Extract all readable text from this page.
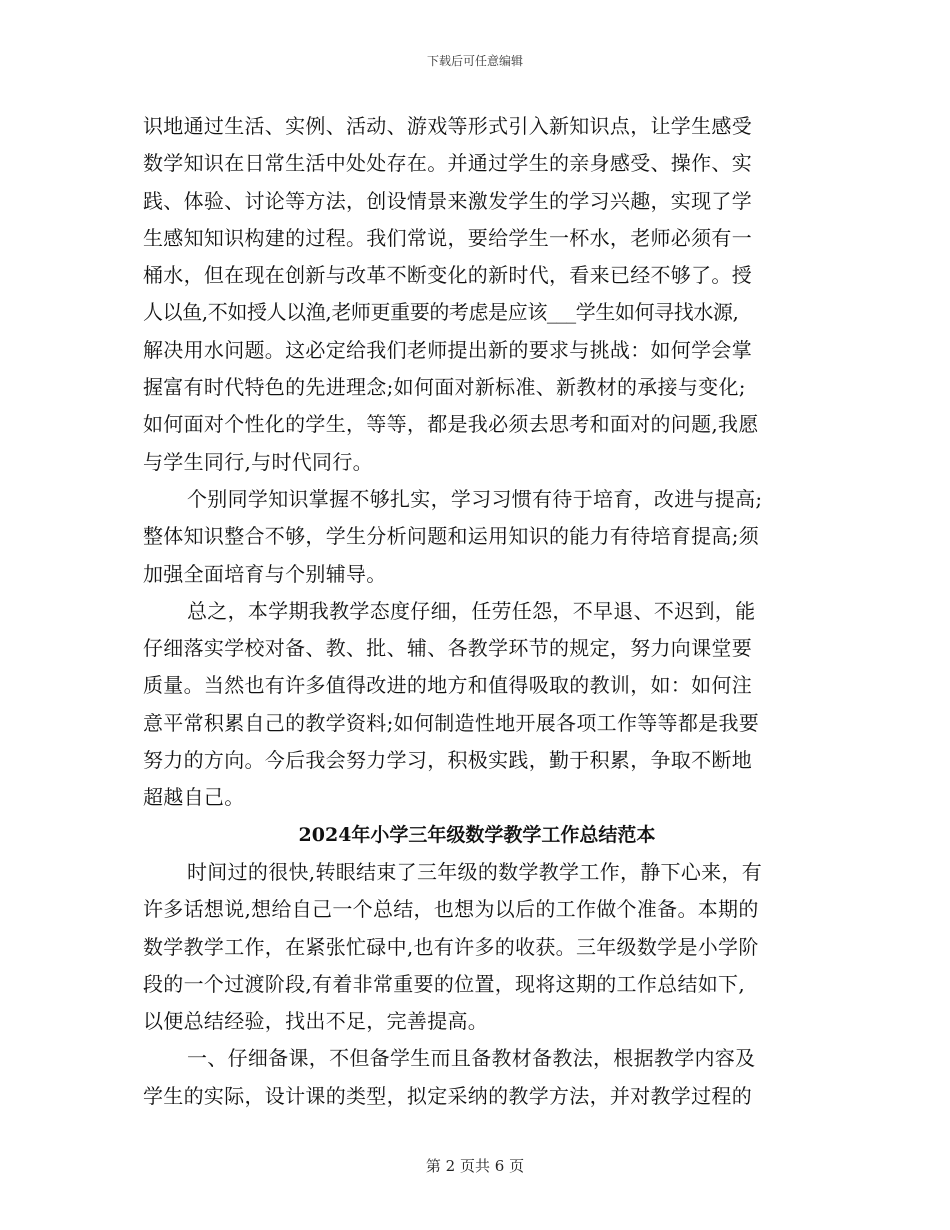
下载后可任意编辑
识地通过生活、实例、活动、游戏等形式引入新知识点，让学生感受
数学知识在日常生活中处处存在。并通过学生的亲身感受、操作、实
践、体验、讨论等方法，创设情景来激发学生的学习兴趣，实现了学
生感知知识构建的过程。我们常说，要给学生一杯水，老师必须有一
桶水，但在现在创新与改革不断变化的新时代，看来已经不够了。授
人以鱼,不如授人以渔,老师更重要的考虑是应该___学生如何寻找水源,
解决用水问题。这必定给我们老师提出新的要求与挑战：如何学会掌
握富有时代特色的先进理念;如何面对新标准、新教材的承接与变化;
如何面对个性化的学生，等等，都是我必须去思考和面对的问题,我愿
与学生同行,与时代同行。
个别同学知识掌握不够扎实，学习习惯有待于培育，改进与提高;
整体知识整合不够，学生分析问题和运用知识的能力有待培育提高;须
加强全面培育与个别辅导。
总之，本学期我教学态度仔细，任劳任怨，不早退、不迟到，能
仔细落实学校对备、教、批、辅、各教学环节的规定，努力向课堂要
质量。当然也有许多值得改进的地方和值得吸取的教训，如：如何注
意平常积累自己的教学资料;如何制造性地开展各项工作等等都是我要
努力的方向。今后我会努力学习，积极实践，勤于积累，争取不断地
超越自己。
2024年小学三年级数学教学工作总结范本
时间过的很快,转眼结束了三年级的数学教学工作，静下心来，有
许多话想说,想给自己一个总结，也想为以后的工作做个准备。本期的
数学教学工作，在紧张忙碌中,也有许多的收获。三年级数学是小学阶
段的一个过渡阶段,有着非常重要的位置，现将这期的工作总结如下,
以便总结经验，找出不足，完善提高。
一、仔细备课，不但备学生而且备教材备教法，根据教学内容及
学生的实际，设计课的类型，拟定采纳的教学方法，并对教学过程的
第 2 页共 6 页
